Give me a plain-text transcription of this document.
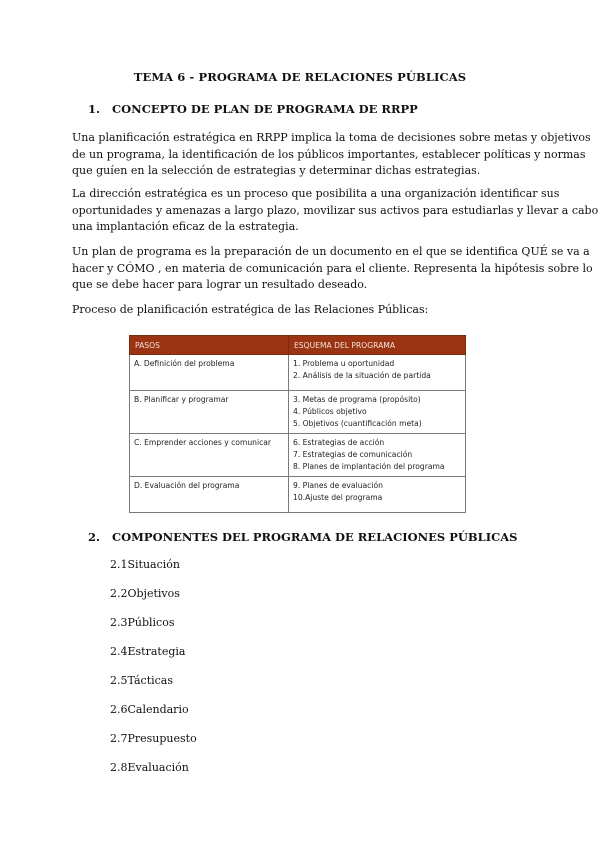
TEMA 6 - PROGRAMA DE RELACIONES PÚBLICAS
1. CONCEPTO DE PLAN DE PROGRAMA DE RRPP
Una planificación estratégica en RRPP implica la toma de decisiones sobre metas y objetivos
de un programa, la identificación de los públicos importantes, establecer políticas y normas
que guíen en la selección de estrategias y determinar dichas estrategias.
La dirección estratégica es un proceso que posibilita a una organización identificar sus
oportunidades y amenazas a largo plazo, movilizar sus activos para estudiarlas y llevar a cabo
una implantación eficaz de la estrategia.
Un plan de programa es la preparación de un documento en el que se identifica QUÉ se va a
hacer y CÓMO , en materia de comunicación para el cliente. Representa la hipótesis sobre lo
que se debe hacer para lograr un resultado deseado.
Proceso de planificación estratégica de las Relaciones Públicas:
PASOS	ESQUEMA DEL PROGRAMA
A. Definición del problema	1. Problema u oportunidad
2. Análisis de la situación de partida

B. Planificar y programar	3. Metas de programa (propósito)
4. Públicos objetivo
5. Objetivos (cuantificación meta)

C. Emprender acciones y comunicar	6. Estrategias de acción
7. Estrategias de comunicación
8. Planes de implantación del programa

D. Evaluación del programa	9. Planes de evaluación
10.Ajuste del programa
2. COMPONENTES DEL PROGRAMA DE RELACIONES PÚBLICAS
2.1Situación
2.2Objetivos
2.3Públicos
2.4Estrategia
2.5Tácticas
2.6Calendario
2.7Presupuesto
2.8Evaluación
